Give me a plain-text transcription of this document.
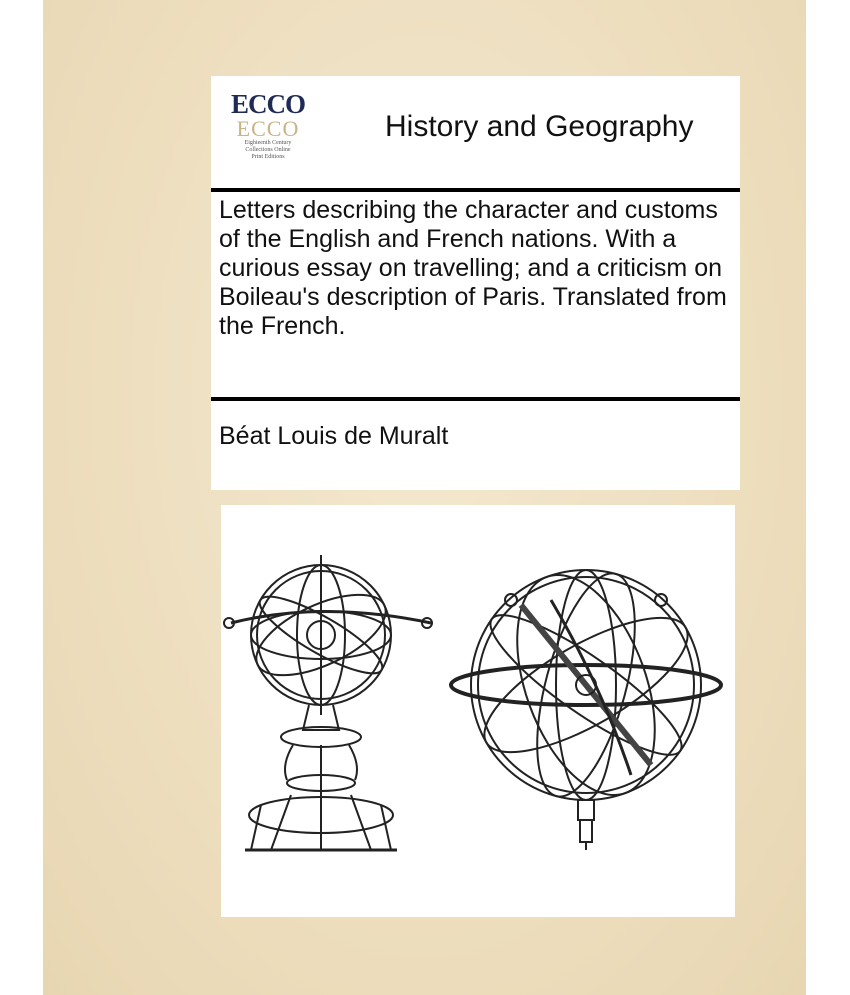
ECCO
ECCO
Eighteenth Century
Collections Online
Print Editions
History and Geography
Letters describing the character and customs of the English and French nations. With a curious essay on travelling; and a criticism on Boileau's description of Paris. Translated from the French.
Béat Louis de Muralt
